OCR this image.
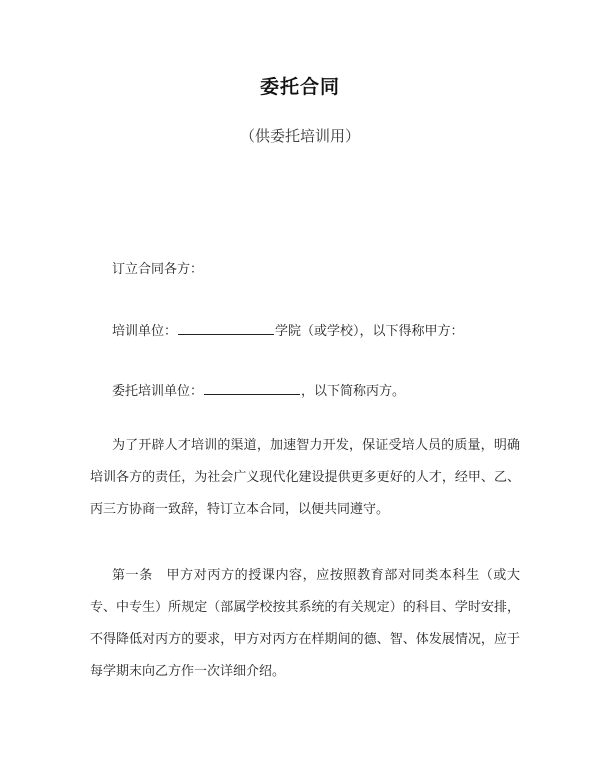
委托合同
（供委托培训用）
订立合同各方：
培训单位：	学院（或学校），以下得称甲方：
委托培训单位：	，以下简称丙方。
为了开辟人才培训的渠道，加速智力开发，保证受培人员的质量，明确培训各方的责任，为社会广义现代化建设提供更多更好的人才，经甲、乙、丙三方协商一致辞，特订立本合同，以便共同遵守。
第一条　甲方对丙方的授课内容，应按照教育部对同类本科生（或大专、中专生）所规定（部属学校按其系统的有关规定）的科目、学时安排，不得降低对丙方的要求，甲方对丙方在样期间的德、智、体发展情况，应于每学期末向乙方作一次详细介绍。
